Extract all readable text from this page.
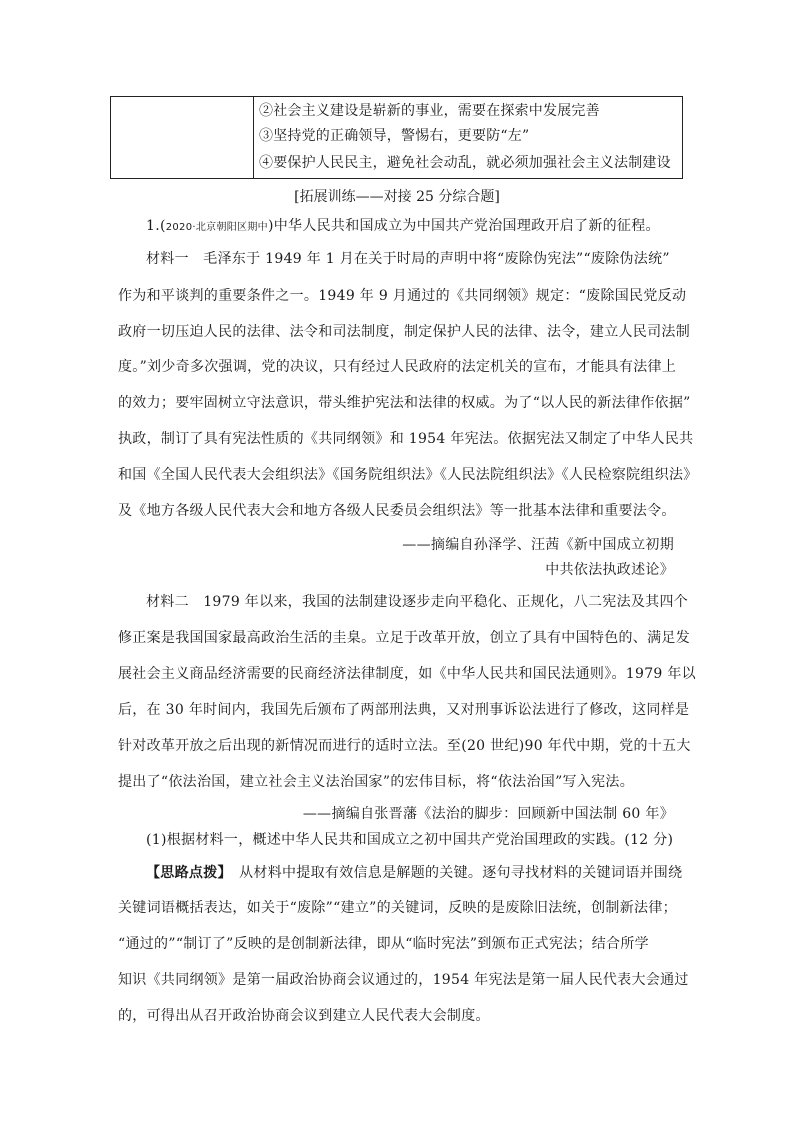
②社会主义建设是崭新的事业，需要在探索中发展完善
③坚持党的正确领导，警惕右，更要防“左”
④要保护人民民主，避免社会动乱，就必须加强社会主义法制建设
[拓展训练——对接 25 分综合题]
1.(2020·北京朝阳区期中)中华人民共和国成立为中国共产党治国理政开启了新的征程。
材料一　毛泽东于 1949 年 1 月在关于时局的声明中将“废除伪宪法”“废除伪法统”
作为和平谈判的重要条件之一。1949 年 9 月通过的《共同纲领》规定：“废除国民党反动
政府一切压迫人民的法律、法令和司法制度，制定保护人民的法律、法令，建立人民司法制
度。”刘少奇多次强调，党的决议，只有经过人民政府的法定机关的宣布，才能具有法律上
的效力；要牢固树立守法意识，带头维护宪法和法律的权威。为了“以人民的新法律作依据”
执政，制订了具有宪法性质的《共同纲领》和 1954 年宪法。依据宪法又制定了中华人民共
和国《全国人民代表大会组织法》《国务院组织法》《人民法院组织法》《人民检察院组织法》
及《地方各级人民代表大会和地方各级人民委员会组织法》等一批基本法律和重要法令。
——摘编自孙泽学、汪茜《新中国成立初期
中共依法执政述论》
材料二　1979 年以来，我国的法制建设逐步走向平稳化、正规化，八二宪法及其四个
修正案是我国国家最高政治生活的圭臬。立足于改革开放，创立了具有中国特色的、满足发
展社会主义商品经济需要的民商经济法律制度，如《中华人民共和国民法通则》。1979 年以
后，在 30 年时间内，我国先后颁布了两部刑法典，又对刑事诉讼法进行了修改，这同样是
针对改革开放之后出现的新情况而进行的适时立法。至(20 世纪)90 年代中期，党的十五大
提出了“依法治国，建立社会主义法治国家”的宏伟目标，将“依法治国”写入宪法。
——摘编自张晋藩《法治的脚步：回顾新中国法制 60 年》
(1)根据材料一，概述中华人民共和国成立之初中国共产党治国理政的实践。(12 分)
【思路点拨】　从材料中提取有效信息是解题的关键。逐句寻找材料的关键词语并围绕
关键词语概括表达，如关于“废除”“建立”的关键词，反映的是废除旧法统，创制新法律；
“通过的”“制订了”反映的是创制新法律，即从“临时宪法”到颁布正式宪法；结合所学
知识《共同纲领》是第一届政治协商会议通过的，1954 年宪法是第一届人民代表大会通过
的，可得出从召开政治协商会议到建立人民代表大会制度。
